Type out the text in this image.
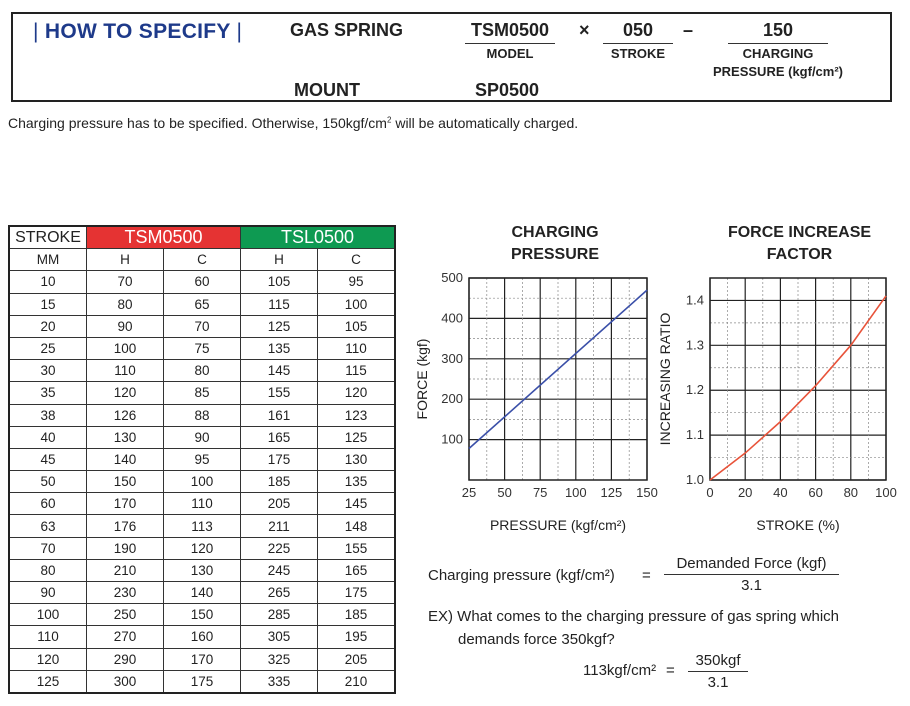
| HOW TO SPECIFY |	GAS SPRING	TSM0500
MODEL
×	050
STROKE
–	150
CHARGING
PRESSURE (kgf/cm²)
MOUNT	SP0500
Charging pressure has to be specified. Otherwise, $150kgf/cm^2$ will be automatically charged.
STROKE	TSM0500		TSL0500	
MM	H	C	H	C
10	70	60	105	95
15	80	65	115	100
20	90	70	125	105
25	100	75	135	110
30	110	80	145	115
35	120	85	155	120
38	126	88	161	123
40	130	90	165	125
45	140	95	175	130
50	150	100	185	135
60	170	110	205	145
63	176	113	211	148
70	190	120	225	155
80	210	130	245	165
90	230	140	265	175
100	250	150	285	185
110	270	160	305	195
120	290	170	325	205
125	300	175	335	210
CHARGING
PRESSURE
25 50 75 100 125 150
100
200
300
400
500
PRESSURE (kgf/cm²)
FORCE (kgf)
FORCE INCREASE
FACTOR
0 20 40 60 80 100
1.0
1.1
1.2
1.3
1.4
STROKE (%)
INCREASING RATIO
Charging pressure (kgf/cm²) =
Demanded Force (kgf)
3.1
EX) What comes to the charging pressure of gas spring which
demands force 350kgf?
113kgf/cm² =
350kgf
3.1
